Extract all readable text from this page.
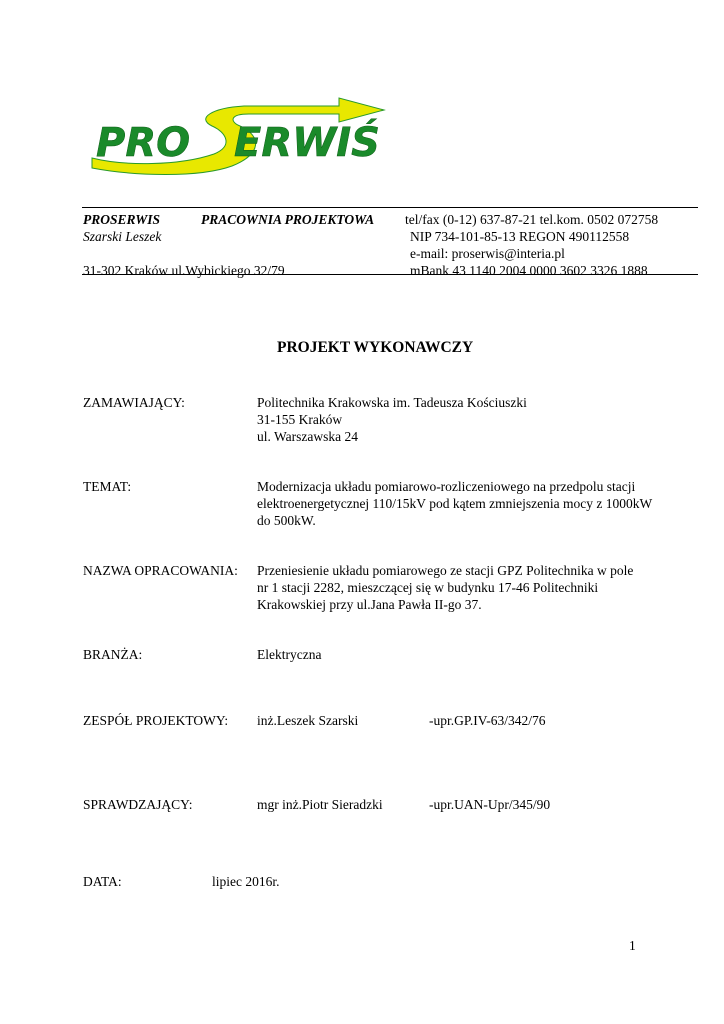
PRO ERWIŚ
PROSERWIS	PRACOWNIA PROJEKTOWA tel/fax (0-12) 637-87-21 tel.kom. 0502 072758
Szarski Leszek	NIP 734-101-85-13 REGON 490112558
e-mail: proserwis@interia.pl
31-302 Kraków ul.Wybickiego 32/79	mBank 43 1140 2004 0000 3602 3326 1888
PROJEKT WYKONAWCZY
ZAMAWIAJĄCY:	Politechnika Krakowska im. Tadeusza Kościuszki
31-155 Kraków
ul. Warszawska 24
TEMAT:	Modernizacja układu pomiarowo-rozliczeniowego na przedpolu stacji
elektroenergetycznej 110/15kV pod kątem zmniejszenia mocy z 1000kW
do 500kW.
NAZWA OPRACOWANIA: Przeniesienie układu pomiarowego ze stacji GPZ Politechnika w pole
nr 1 stacji 2282, mieszczącej się w budynku 17-46 Politechniki
Krakowskiej przy ul.Jana Pawła II-go 37.
BRANŻA:	Elektryczna
ZESPÓŁ PROJEKTOWY: inż.Leszek Szarski	-upr.GP.IV-63/342/76
SPRAWDZAJĄCY:	mgr inż.Piotr Sieradzki	-upr.UAN-Upr/345/90
DATA:	lipiec 2016r.
1
